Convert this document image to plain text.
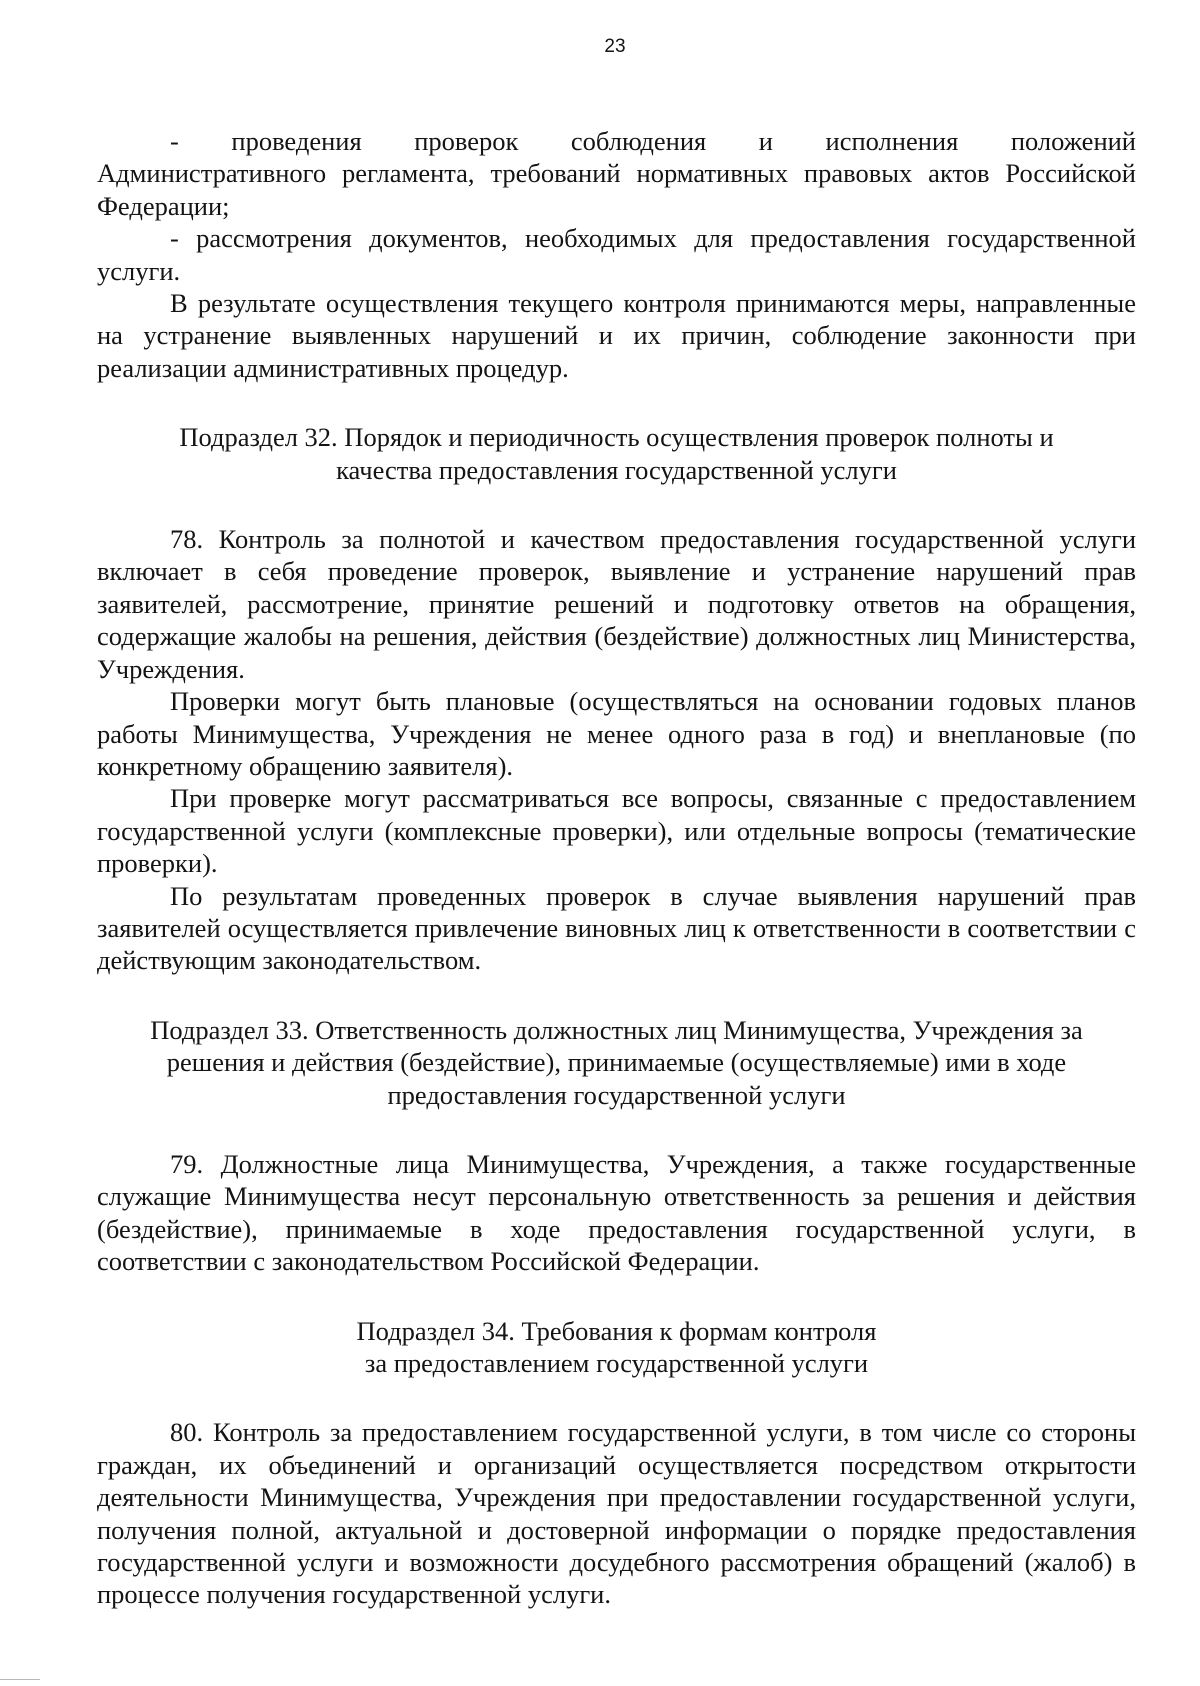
23

-    проведения    проверок    соблюдения    и    исполнения    положений Административного регламента, требований нормативных правовых актов Российской Федерации;

- рассмотрения документов, необходимых для предоставления государственной услуги.

В результате осуществления текущего контроля принимаются меры, направленные на устранение выявленных нарушений и их причин, соблюдение законности при реализации административных процедур.

Подраздел 32. Порядок и периодичность осуществления проверок полноты и
качества предоставления государственной услуги

78. Контроль за полнотой и качеством предоставления государственной услуги включает в себя проведение проверок, выявление и устранение нарушений прав заявителей, рассмотрение, принятие решений и подготовку ответов на обращения, содержащие жалобы на решения, действия (бездействие) должностных лиц Министерства, Учреждения.

Проверки могут быть плановые (осуществляться на основании годовых планов работы Минимущества, Учреждения не менее одного раза в год) и внеплановые (по конкретному обращению заявителя).

При проверке могут рассматриваться все вопросы, связанные с предоставлением государственной услуги (комплексные проверки), или отдельные вопросы (тематические проверки).

По результатам проведенных проверок в случае выявления нарушений прав заявителей осуществляется привлечение виновных лиц к ответственности в соответствии с действующим законодательством.

Подраздел 33. Ответственность должностных лиц Минимущества, Учреждения за
решения и действия (бездействие), принимаемые (осуществляемые) ими в ходе
предоставления государственной услуги

79. Должностные лица Минимущества, Учреждения, а также государственные служащие Минимущества несут персональную ответственность за решения и действия (бездействие), принимаемые в ходе предоставления государственной услуги, в соответствии с законодательством Российской Федерации.

Подраздел 34. Требования к формам контроля
за предоставлением государственной услуги

80. Контроль за предоставлением государственной услуги, в том числе со стороны граждан, их объединений и организаций осуществляется посредством открытости деятельности Минимущества, Учреждения при предоставлении государственной услуги, получения полной, актуальной и достоверной информации о порядке предоставления государственной услуги и возможности досудебного рассмотрения обращений (жалоб) в процессе получения государственной услуги.
